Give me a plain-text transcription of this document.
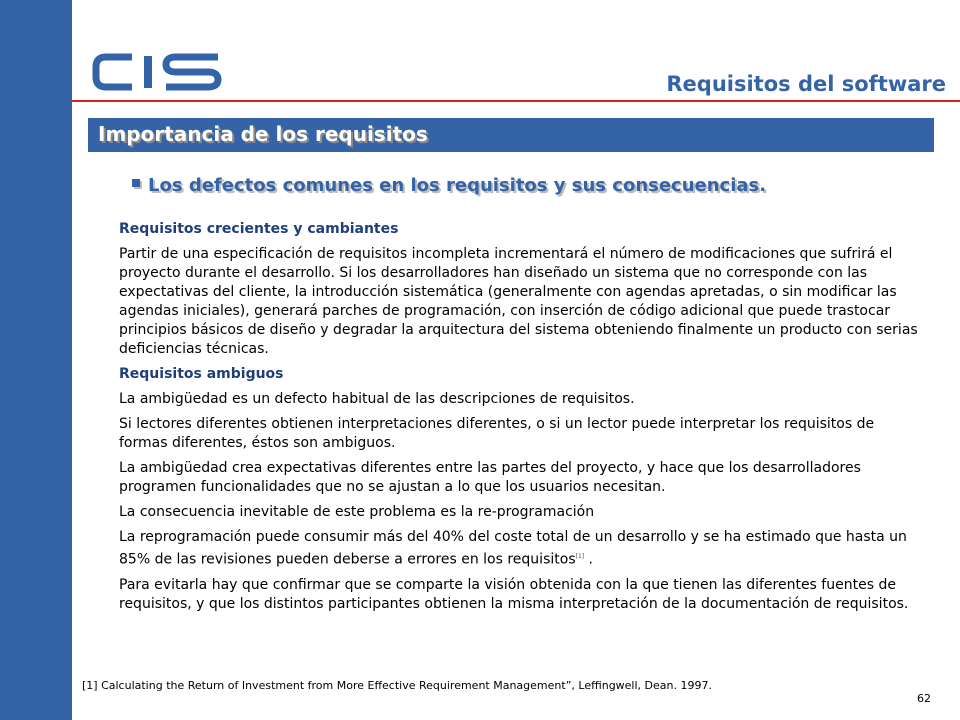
Requisitos del software
Importancia de los requisitos
Los defectos comunes en los requisitos y sus consecuencias.
Requisitos crecientes y cambiantes

Partir de una especificación de requisitos incompleta incrementará el número de modificaciones que sufrirá el proyecto durante el desarrollo. Si los desarrolladores han diseñado un sistema que no corresponde con las expectativas del cliente, la introducción sistemática (generalmente con agendas apretadas, o sin modificar las agendas iniciales), generará parches de programación, con inserción de código adicional que puede trastocar principios básicos de diseño y degradar la arquitectura del sistema obteniendo finalmente un producto con serias deficiencias técnicas.

Requisitos ambiguos

La ambigüedad es un defecto habitual de las descripciones de requisitos.

Si lectores diferentes obtienen interpretaciones diferentes, o si un lector puede interpretar los requisitos de formas diferentes, éstos son ambiguos.

La ambigüedad crea expectativas diferentes entre las partes del proyecto, y hace que los desarrolladores programen funcionalidades que no se ajustan a lo que los usuarios necesitan.

La consecuencia inevitable de este problema es la re-programación

La reprogramación puede consumir más del 40% del coste total de un desarrollo y se ha estimado que hasta un 85% de las revisiones pueden deberse a errores en los requisitos[1] .

Para evitarla hay que confirmar que se comparte la visión obtenida con la que tienen las diferentes fuentes de requisitos, y que los distintos participantes obtienen la misma interpretación de la documentación de requisitos.

[1] Calculating the Return of Investment from More Effective Requirement Management”, Leffingwell, Dean. 1997.
62
